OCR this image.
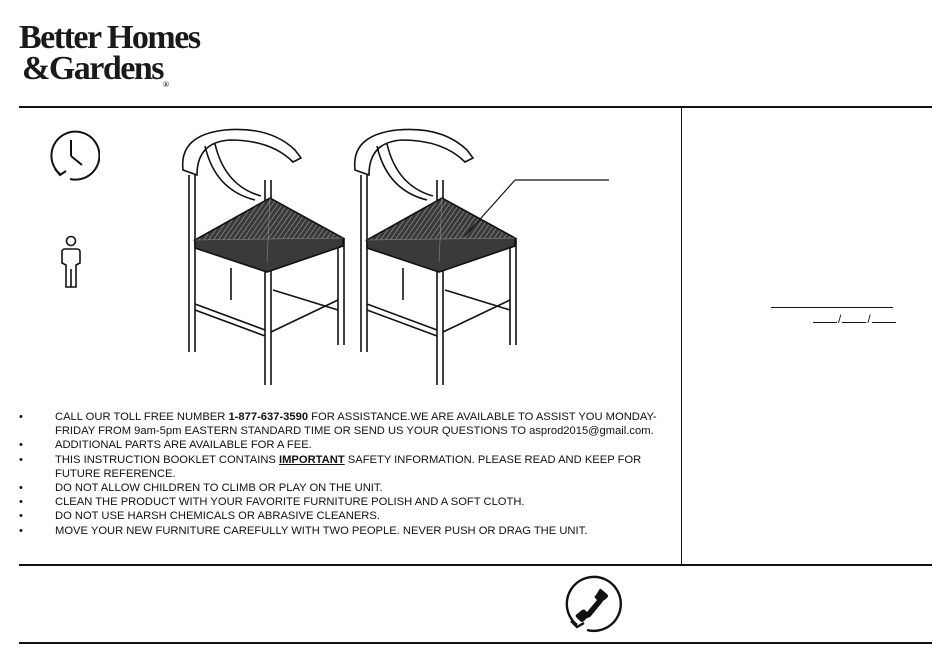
Better Homes
&Gardens®
• CALL OUR TOLL FREE NUMBER 1-877-637-3590 FOR ASSISTANCE.WE ARE AVAILABLE TO ASSIST YOU MONDAY-FRIDAY FROM 9am-5pm EASTERN STANDARD TIME OR SEND US YOUR QUESTIONS TO asprod2015@gmail.com.
• ADDITIONAL PARTS ARE AVAILABLE FOR A FEE.
• THIS INSTRUCTION BOOKLET CONTAINS IMPORTANT SAFETY INFORMATION. PLEASE READ AND KEEP FOR FUTURE REFERENCE.
• DO NOT ALLOW CHILDREN TO CLIMB OR PLAY ON THE UNIT.
• CLEAN THE PRODUCT WITH YOUR FAVORITE FURNITURE POLISH AND A SOFT CLOTH.
• DO NOT USE HARSH CHEMICALS OR ABRASIVE CLEANERS.
• MOVE YOUR NEW FURNITURE CAREFULLY WITH TWO PEOPLE. NEVER PUSH OR DRAG THE UNIT.
/ /
